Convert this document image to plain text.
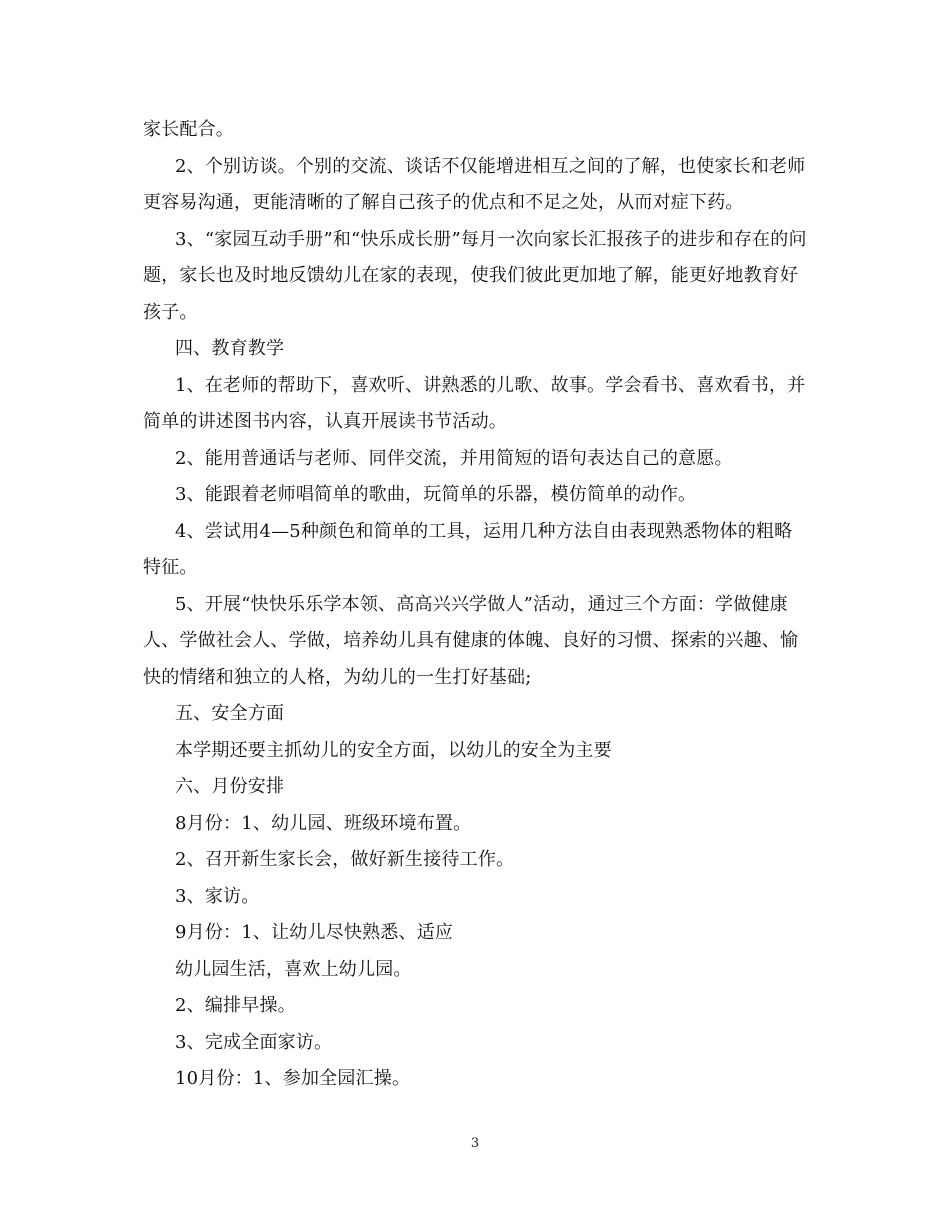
家长配合。

2、个别访谈。个别的交流、谈话不仅能增进相互之间的了解，也使家长和老师更容易沟通，更能清晰的了解自己孩子的优点和不足之处，从而对症下药。

3、“家园互动手册”和“快乐成长册”每月一次向家长汇报孩子的进步和存在的问题，家长也及时地反馈幼儿在家的表现，使我们彼此更加地了解，能更好地教育好孩子。

四、教育教学

1、在老师的帮助下，喜欢听、讲熟悉的儿歌、故事。学会看书、喜欢看书，并简单的讲述图书内容，认真开展读书节活动。

2、能用普通话与老师、同伴交流，并用简短的语句表达自己的意愿。

3、能跟着老师唱简单的歌曲，玩简单的乐器，模仿简单的动作。

4、尝试用4—5种颜色和简单的工具，运用几种方法自由表现熟悉物体的粗略特征。

5、开展“快快乐乐学本领、高高兴兴学做人”活动，通过三个方面：学做健康人、学做社会人、学做，培养幼儿具有健康的体魄、良好的习惯、探索的兴趣、愉快的情绪和独立的人格，为幼儿的一生打好基础;

五、安全方面

本学期还要主抓幼儿的安全方面，以幼儿的安全为主要

六、月份安排

8月份：1、幼儿园、班级环境布置。

2、召开新生家长会，做好新生接待工作。

3、家访。

9月份：1、让幼儿尽快熟悉、适应

幼儿园生活，喜欢上幼儿园。

2、编排早操。

3、完成全面家访。

10月份：1、参加全园汇操。

3
